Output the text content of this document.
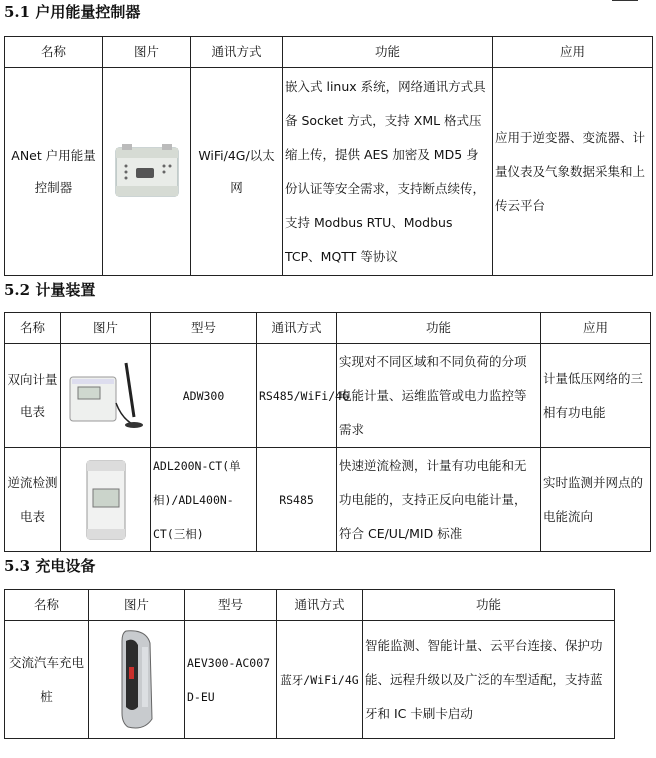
5.1 户用能量控制器
名称	图片	通讯方式	功能	应用
ANet 户用能量控制器		WiFi/4G/以太网	嵌入式 linux 系统，网络通讯方式具备 Socket 方式，支持 XML 格式压缩上传，提供 AES 加密及 MD5 身份认证等安全需求，支持断点续传，支持 Modbus RTU、Modbus TCP、MQTT 等协议	应用于逆变器、变流器、计量仪表及气象数据采集和上传云平台
5.2 计量装置
名称	图片	型号	通讯方式	功能	应用
双向计量电表		ADW300	RS485/WiFi/4G	实现对不同区域和不同负荷的分项电能计量、运维监管或电力监控等需求	计量低压网络的三相有功电能
逆流检测电表		ADL200N-CT(单相)/ADL400N-CT(三相)	RS485	快速逆流检测，计量有功电能和无功电能的，支持正反向电能计量，符合 CE/UL/MID 标准	实时监测并网点的电能流向
5.3 充电设备
名称	图片	型号	通讯方式	功能
交流汽车充电桩		AEV300-AC007D-EU	蓝牙/WiFi/4G	智能监测、智能计量、云平台连接、保护功能、远程升级以及广泛的车型适配，支持蓝牙和 IC 卡刷卡启动
